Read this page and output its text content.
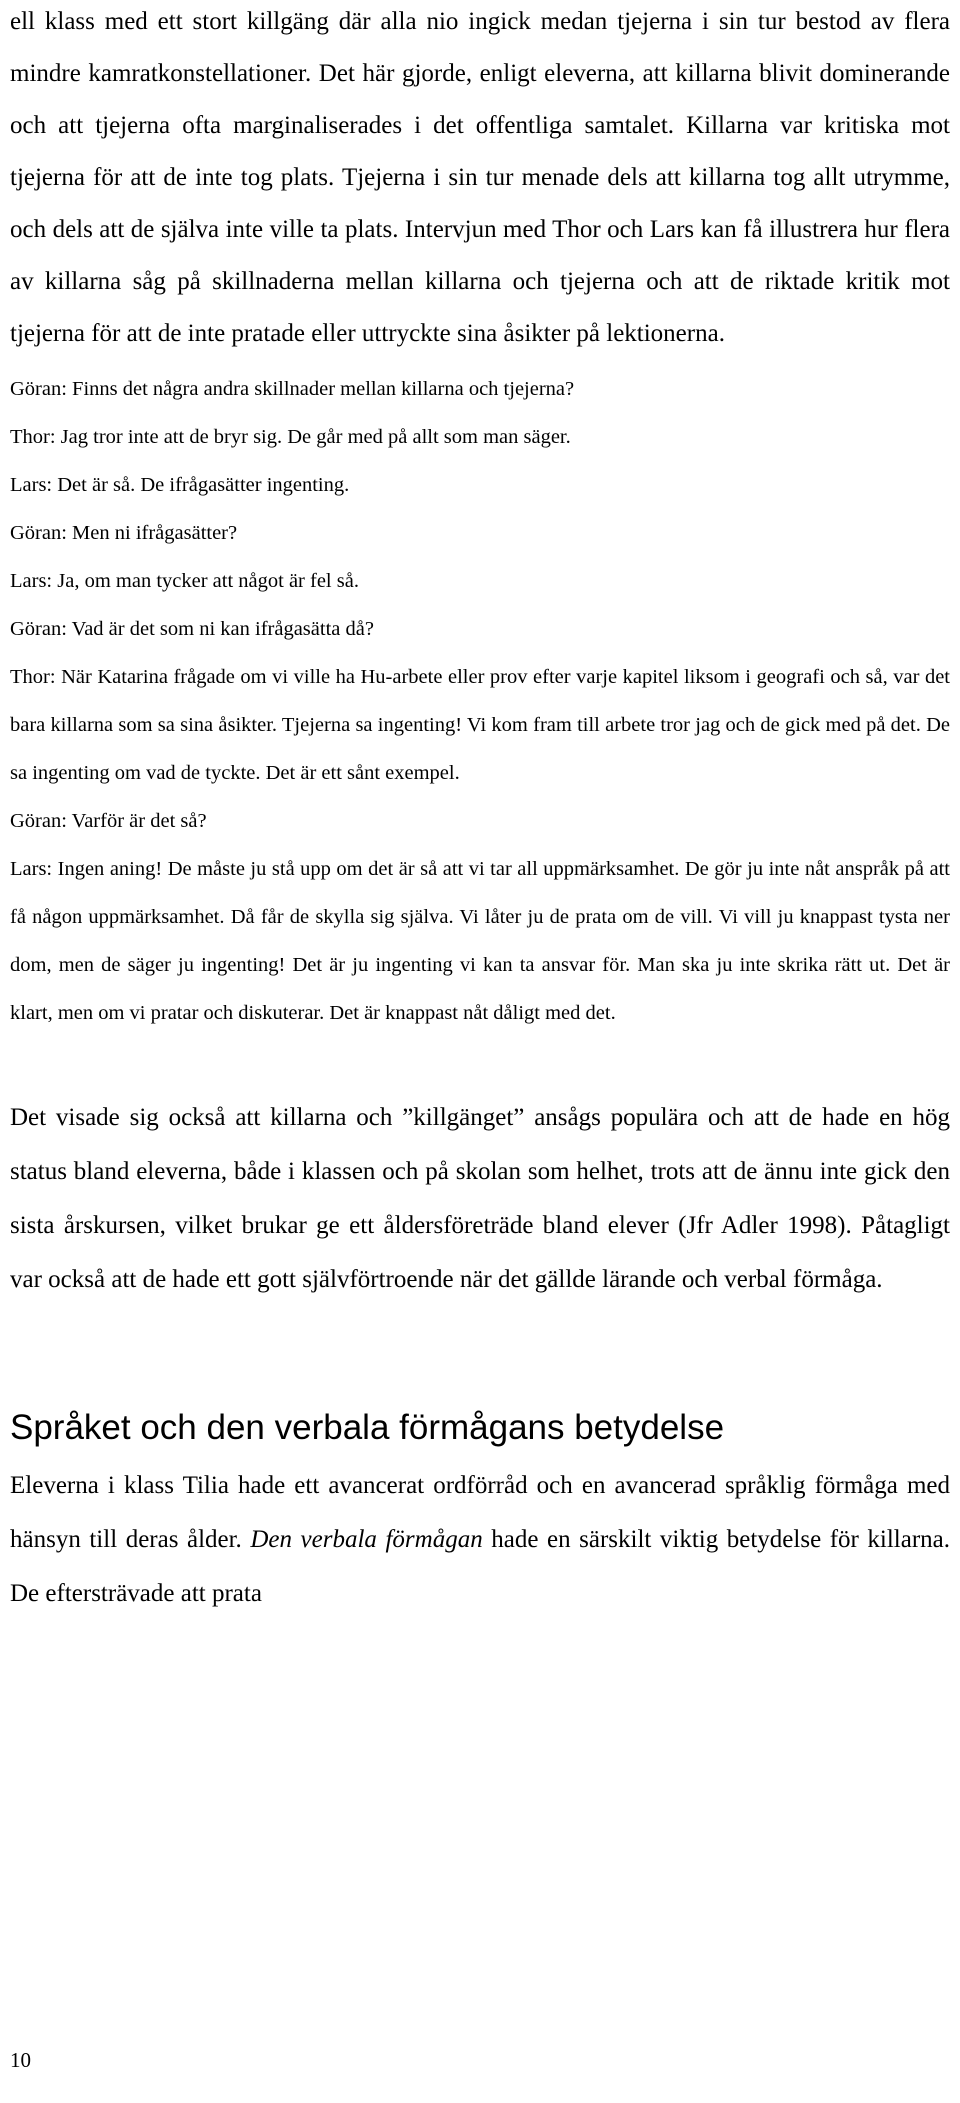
ell klass med ett stort killgäng där alla nio ingick medan tjejerna i sin tur bestod av flera mindre kamratkonstellationer. Det här gjorde, enligt eleverna, att killarna blivit dominerande och att tjejerna ofta marginaliserades i det offentliga samtalet. Killarna var kritiska mot tjejerna för att de inte tog plats. Tjejerna i sin tur menade dels att killarna tog allt utrymme, och dels att de själva inte ville ta plats. Intervjun med Thor och Lars kan få illustrera hur flera av killarna såg på skillnaderna mellan killarna och tjejerna och att de riktade kritik mot tjejerna för att de inte pratade eller uttryckte sina åsikter på lektionerna.

Göran: Finns det några andra skillnader mellan killarna och tjejerna?

Thor: Jag tror inte att de bryr sig. De går med på allt som man säger.

Lars: Det är så. De ifrågasätter ingenting.

Göran: Men ni ifrågasätter?

Lars: Ja, om man tycker att något är fel så.

Göran: Vad är det som ni kan ifrågasätta då?

Thor: När Katarina frågade om vi ville ha Hu-arbete eller prov efter varje kapitel liksom i geografi och så, var det bara killarna som sa sina åsikter. Tjejerna sa ingenting! Vi kom fram till arbete tror jag och de gick med på det. De sa ingenting om vad de tyckte. Det är ett sånt exempel.

Göran: Varför är det så?

Lars: Ingen aning! De måste ju stå upp om det är så att vi tar all uppmärksamhet. De gör ju inte nåt anspråk på att få någon uppmärksamhet. Då får de skylla sig själva. Vi låter ju de prata om de vill. Vi vill ju knappast tysta ner dom, men de säger ju ingenting! Det är ju ingenting vi kan ta ansvar för. Man ska ju inte skrika rätt ut. Det är klart, men om vi pratar och diskuterar. Det är knappast nåt dåligt med det.

Det visade sig också att killarna och ”killgänget” ansågs populära och att de hade en hög status bland eleverna, både i klassen och på skolan som helhet, trots att de ännu inte gick den sista årskursen, vilket brukar ge ett åldersföreträde bland elever (Jfr Adler 1998). Påtagligt var också att de hade ett gott självförtroende när det gällde lärande och verbal förmåga.

Språket och den verbala förmågans betydelse

Eleverna i klass Tilia hade ett avancerat ordförråd och en avancerad språklig förmåga med hänsyn till deras ålder. Den verbala förmågan hade en särskilt viktig betydelse för killarna. De eftersträvade att prata

10
